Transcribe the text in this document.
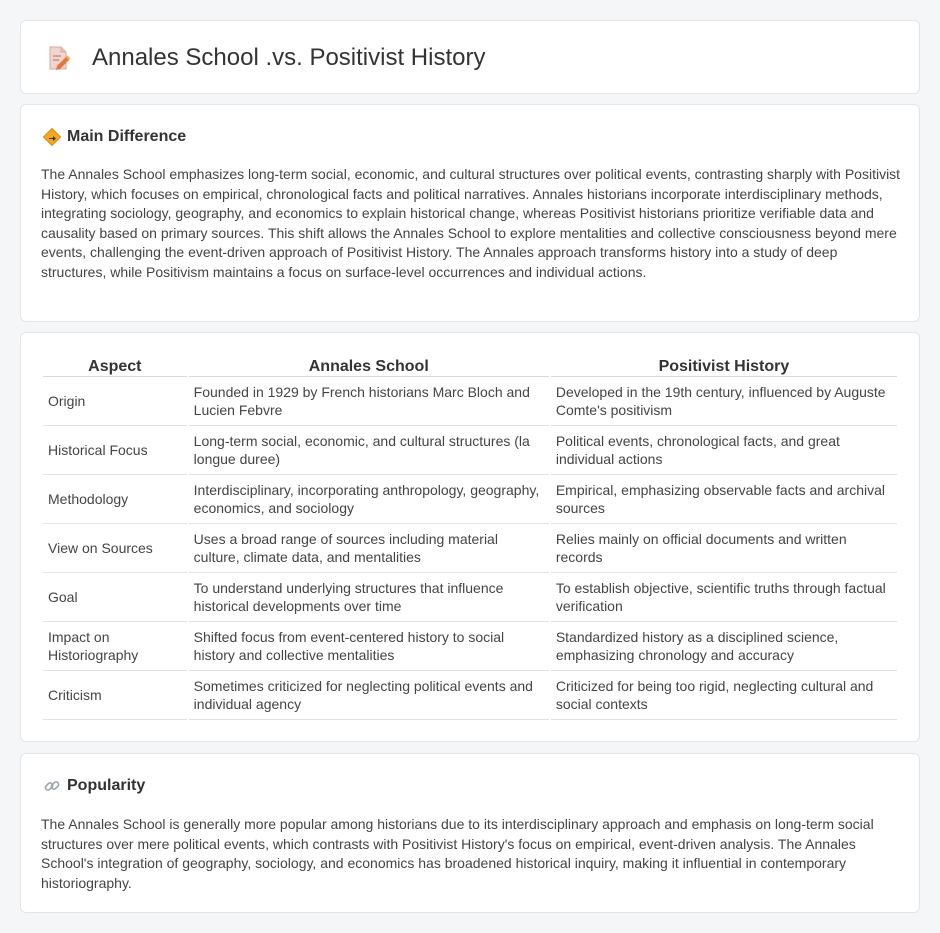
Annales School .vs. Positivist History
Main Difference

The Annales School emphasizes long-term social, economic, and cultural structures over political events, contrasting sharply with Positivist History, which focuses on empirical, chronological facts and political narratives. Annales historians incorporate interdisciplinary methods, integrating sociology, geography, and economics to explain historical change, whereas Positivist historians prioritize verifiable data and causality based on primary sources. This shift allows the Annales School to explore mentalities and collective consciousness beyond mere events, challenging the event-driven approach of Positivist History. The Annales approach transforms history into a study of deep structures, while Positivism maintains a focus on surface-level occurrences and individual actions.

Aspect	Annales School	Positivist History
Origin	Founded in 1929 by French historians Marc Bloch and Lucien Febvre	Developed in the 19th century, influenced by Auguste Comte's positivism
Historical Focus	Long-term social, economic, and cultural structures (la longue duree)	Political events, chronological facts, and great individual actions
Methodology	Interdisciplinary, incorporating anthropology, geography, economics, and sociology	Empirical, emphasizing observable facts and archival sources
View on Sources	Uses a broad range of sources including material culture, climate data, and mentalities	Relies mainly on official documents and written records
Goal	To understand underlying structures that influence historical developments over time	To establish objective, scientific truths through factual verification
Impact on Historiography	Shifted focus from event-centered history to social history and collective mentalities	Standardized history as a disciplined science, emphasizing chronology and accuracy
Criticism	Sometimes criticized for neglecting political events and individual agency	Criticized for being too rigid, neglecting cultural and social contexts
Popularity

The Annales School is generally more popular among historians due to its interdisciplinary approach and emphasis on long-term social structures over mere political events, which contrasts with Positivist History's focus on empirical, event-driven analysis. The Annales School's integration of geography, sociology, and economics has broadened historical inquiry, making it influential in contemporary historiography.
